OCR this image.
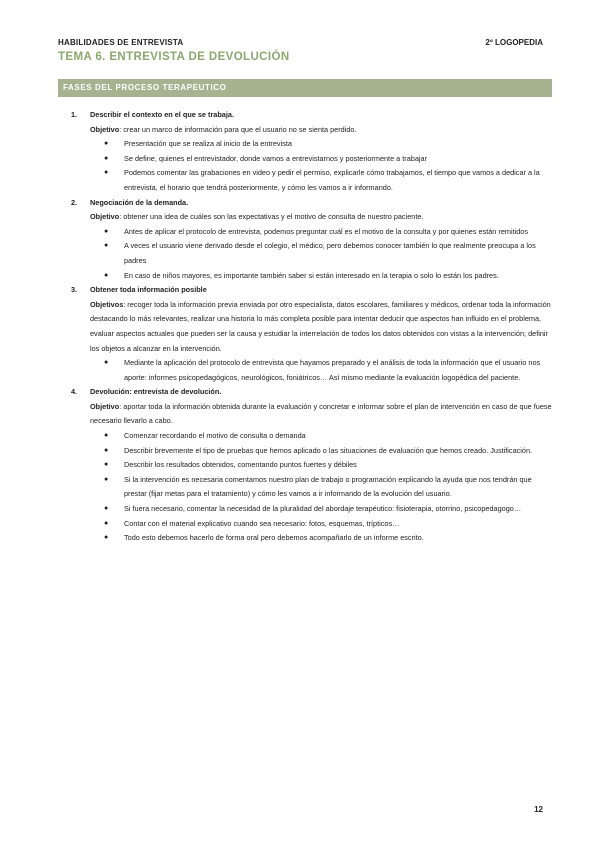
HABILIDADES DE ENTREVISTA	2º LOGOPEDIA
TEMA 6. ENTREVISTA DE DEVOLUCIÓN
FASES DEL PROCESO TERAPEUTICO
1. Describir el contexto en el que se trabaja.
Objetivo: crear un marco de información para que el usuario no se sienta perdido.
● Presentación que se realiza al inicio de la entrevista
● Se define, quienes el entrevistador, donde vamos a entrevistarnos y posteriormente a trabajar
● Podemos comentar las grabaciones en video y pedir el permiso, explicarle cómo trabajamos, el tiempo que vamos a dedicar a la entrevista, el horario que tendrá posteriormente, y cómo les vamos a ir informando.
2. Negociación de la demanda.
Objetivo: obtener una idea de cuáles son las expectativas y el motivo de consulta de nuestro paciente.
● Antes de aplicar el protocolo de entrevista, podemos preguntar cuál es el motivo de la consulta y por quienes están remitidos
● A veces el usuario viene derivado desde el colegio, el médico, pero debemos conocer también lo que realmente preocupa a los padres
● En caso de niños mayores, es importante también saber si están interesado en la terapia o solo lo están los padres.
3. Obtener toda información posible
Objetivos: recoger toda la información previa enviada por otro especialista, datos escolares, familiares y médicos, ordenar toda la información destacando lo más relevantes, realizar una historia lo más completa posible para intentar deducir que aspectos han influido en el problema, evaluar aspectos actuales que pueden ser la causa y estudiar la interrelación de todos los datos obtenidos con vistas a la intervención; definir los objetos a alcanzar en la intervención.
● Mediante la aplicación del protocolo de entrevista que hayamos preparado y el análisis de toda la información que el usuario nos aporte: informes psicopedagógicos, neurológicos, foniátricos… Así mismo mediante la evaluación logopédica del paciente.
4. Devolución: entrevista de devolución.
Objetivo: aportar toda la información obtenida durante la evaluación y concretar e informar sobre el plan de intervención en caso de que fuese necesario llevarlo a cabo.
● Comenzar recordando el motivo de consulta o demanda
● Describir brevemente el tipo de pruebas que hemos aplicado o las situaciones de evaluación que hemos creado. Justificación.
● Describir los resultados obtenidos, comentando puntos fuertes y débiles
● Si la intervención es necesaria comentamos nuestro plan de trabajo o programación explicando la ayuda que nos tendrán que prestar (fijar metas para el tratamiento) y cómo les vamos a ir informando de la evolución del usuario.
● Si fuera necesario, comentar la necesidad de la pluralidad del abordaje terapéutico: fisioterapia, otorrino, psicopedagogo…
● Contar con el material explicativo cuando sea necesario: fotos, esquemas, trípticos…
● Todo esto debemos hacerlo de forma oral pero debemos acompañarlo de un informe escrito.
12
